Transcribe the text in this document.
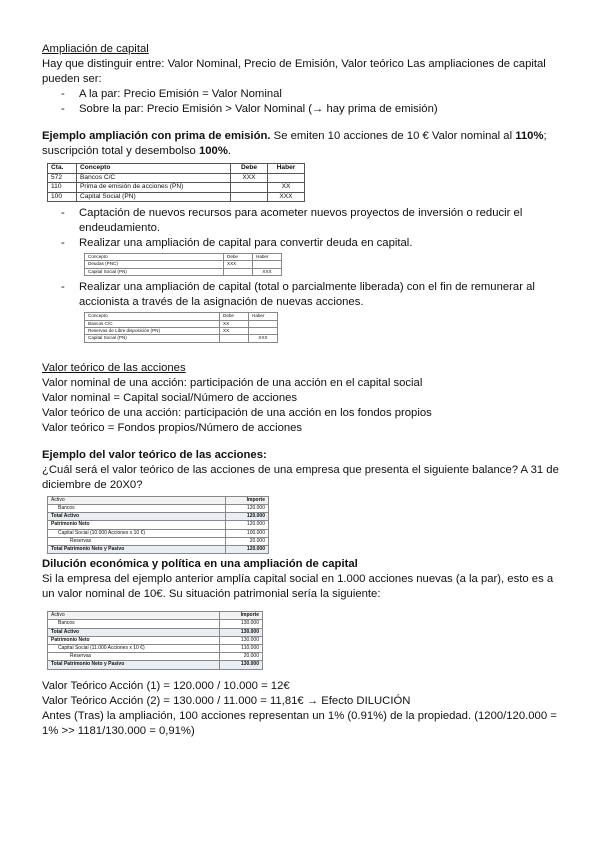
Ampliación de capital

Hay que distinguir entre: Valor Nominal, Precio de Emisión, Valor teórico Las ampliaciones de capital pueden ser:

- A la par: Precio Emisión = Valor Nominal
- Sobre la par: Precio Emisión > Valor Nominal (→ hay prima de emisión)

Ejemplo ampliación con prima de emisión. Se emiten 10 acciones de 10 € Valor nominal al 110%; suscripción total y desembolso 100%.

Cta.	Concepto	Debe	Haber
572	Bancos C/C	XXX	
110	Prima de emisión de acciones (PN)		XX
100	Capital Social (PN)		XXX
- Captación de nuevos recursos para acometer nuevos proyectos de inversión o reducir el endeudamiento.
- Realizar una ampliación de capital para convertir deuda en capital.
Concepto	Debe	Haber
Deudas (PNC)	XXX	
Capital Social (PN)		XXX
- Realizar una ampliación de capital (total o parcialmente liberada) con el fin de remunerar al accionista a través de la asignación de nuevas acciones.
Concepto	Debe	Haber
Bancos C/C	XX	
Reservas de Libre disposición (PN)	XX	
Capital Social (PN)		XXX

Valor teórico de las acciones

Valor nominal de una acción: participación de una acción en el capital social

Valor nominal = Capital social/Número de acciones

Valor teórico de una acción: participación de una acción en los fondos propios

Valor teórico = Fondos propios/Número de acciones

Ejemplo del valor teórico de las acciones:

¿Cuál será el valor teórico de las acciones de una empresa que presenta el siguiente balance? A 31 de diciembre de 20X0?

Activo	Importe
Bancos	120.000
Total Activo	120.000
Patrimonio Neto	120.000
Capital Social (10.000 Acciones x 10 €)	100.000
Reservas	20.000
Total Patrimonio Neto y Pasivo	120.000

Dilución económica y política en una ampliación de capital

Si la empresa del ejemplo anterior amplía capital social en 1.000 acciones nuevas (a la par), esto es a un valor nominal de 10€. Su situación patrimonial sería la siguiente:

Activo	Importe
Bancos	130.000
Total Activo	130.000
Patrimonio Neto	130.000
Capital Social (11.000 Acciones x 10 €)	110.000
Reservas	20.000
Total Patrimonio Neto y Pasivo	130.000

Valor Teórico Acción (1) = 120.000 / 10.000 = 12€

Valor Teórico Acción (2) = 130.000 / 11.000 = 11,81€ → Efecto DILUCIÓN

Antes (Tras) la ampliación, 100 acciones representan un 1% (0.91%) de la propiedad. (1200/120.000 = 1% >> 1181/130.000 = 0,91%)
